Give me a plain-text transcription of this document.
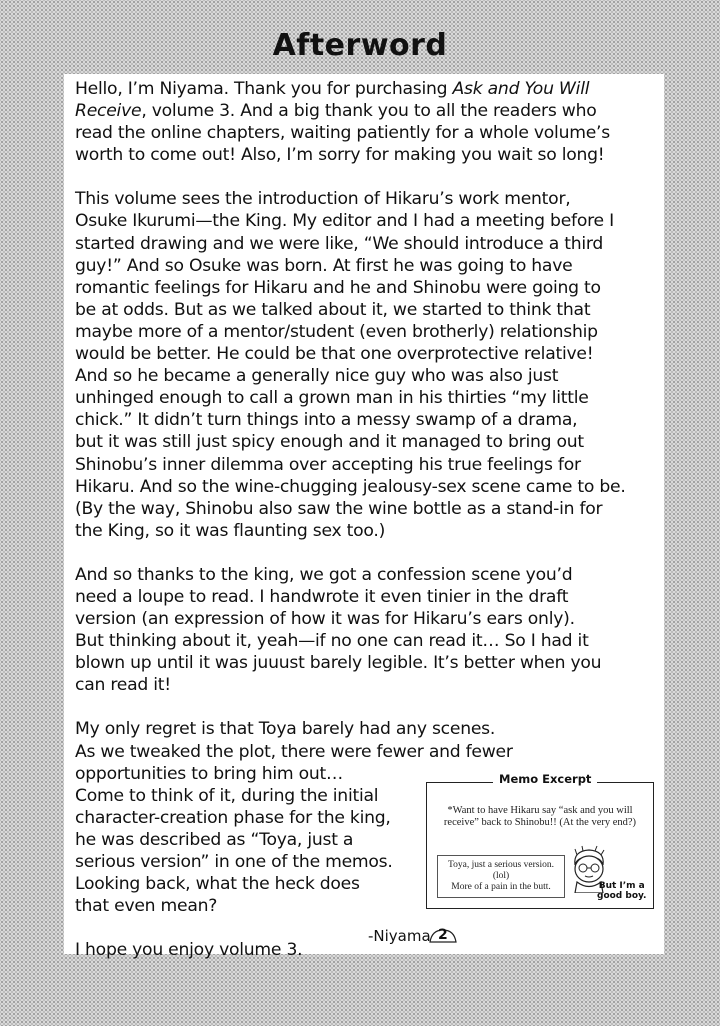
Afterword

Hello, I’m Niyama. Thank you for purchasing Ask and You Will
Receive, volume 3. And a big thank you to all the readers who
read the online chapters, waiting patiently for a whole volume’s
worth to come out! Also, I’m sorry for making you wait so long!

This volume sees the introduction of Hikaru’s work mentor,
Osuke Ikurumi—the King. My editor and I had a meeting before I
started drawing and we were like, “We should introduce a third
guy!” And so Osuke was born. At first he was going to have
romantic feelings for Hikaru and he and Shinobu were going to
be at odds. But as we talked about it, we started to think that
maybe more of a mentor/student (even brotherly) relationship
would be better. He could be that one overprotective relative!
And so he became a generally nice guy who was also just
unhinged enough to call a grown man in his thirties “my little
chick.” It didn’t turn things into a messy swamp of a drama,
but it was still just spicy enough and it managed to bring out
Shinobu’s inner dilemma over accepting his true feelings for
Hikaru. And so the wine-chugging jealousy-sex scene came to be.
(By the way, Shinobu also saw the wine bottle as a stand-in for
the King, so it was flaunting sex too.)

And so thanks to the king, we got a confession scene you’d
need a loupe to read. I handwrote it even tinier in the draft
version (an expression of how it was for Hikaru’s ears only).
But thinking about it, yeah—if no one can read it… So I had it
blown up until it was juuust barely legible. It’s better when you
can read it!

My only regret is that Toya barely had any scenes.
As we tweaked the plot, there were fewer and fewer
opportunities to bring him out…
Come to think of it, during the initial
character-creation phase for the king,
he was described as “Toya, just a
serious version” in one of the memos.
Looking back, what the heck does
that even mean?

I hope you enjoy volume 3.

Memo Excerpt
*Want to have Hikaru say “ask and you will
receive” back to Shinobu!! (At the very end?)
Toya, just a serious version. (lol)
More of a pain in the butt.	But I’m a
good boy.
-Niyama 2
